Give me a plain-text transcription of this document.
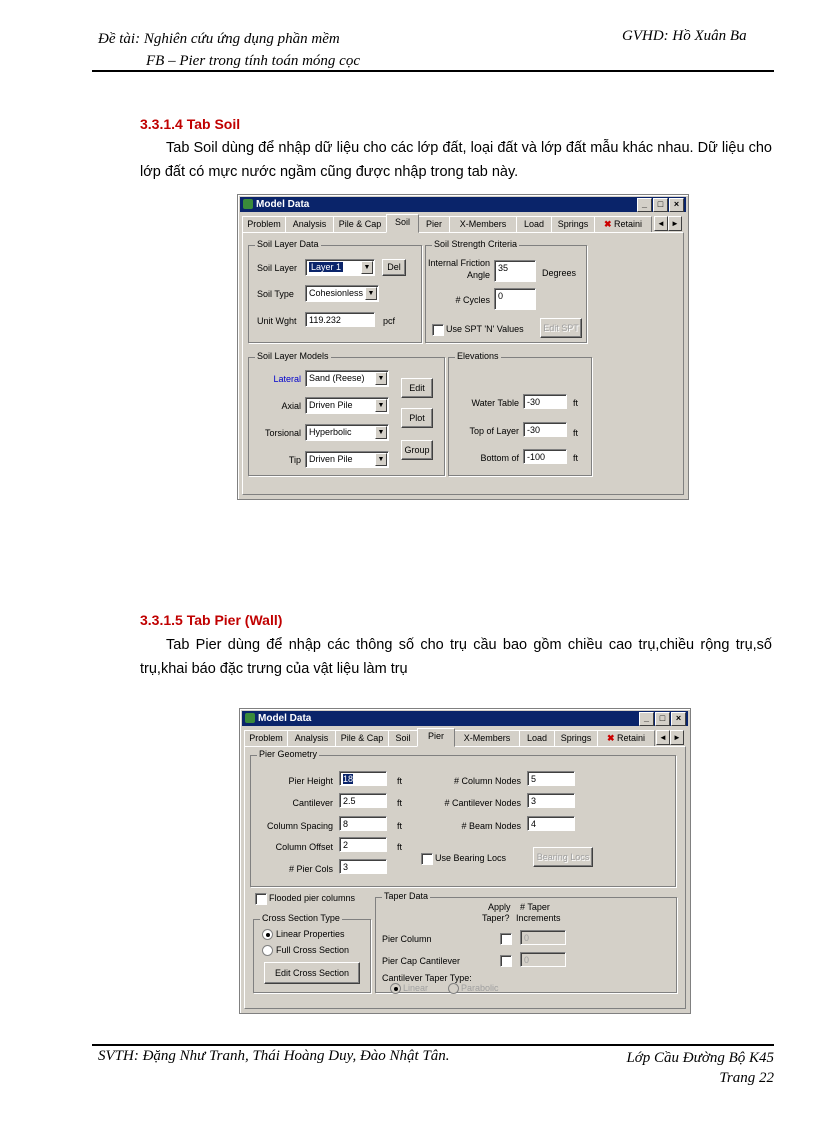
Đề tài: Nghiên cứu ứng dụng phần mềm
FB – Pier trong tính toán móng cọc
GVHD: Hồ Xuân Ba
3.3.1.4 Tab Soil
Tab Soil dùng để nhập dữ liệu cho các lớp đất, loại đất và lớp đất mẫu khác nhau. Dữ liệu cho lớp đất có mực nước ngầm cũng được nhập trong tab này.
Model Data	_	□	×
Problem	Analysis	Pile & Cap	Soil	Pier	X-Members	Load	Springs	✖ Retaini	◄ ►
Soil Layer Data
Soil Layer	Layer 1	▼	Del
Soil Type	Cohesionless ▼
Unit Wght	119.232	pcf
Soil Strength Criteria
Internal Friction
Angle
35	Degrees
# Cycles 0
Use SPT 'N' Values	Edit SPT
Soil Layer Models
Lateral Sand (Reese)	▼
Axial Driven Pile	▼
Torsional Hyperbolic	▼
Tip Driven Pile	▼
Edit
Plot
Group
Elevations
Water Table -30	ft
Top of Layer -30	ft
Bottom of -100	ft
3.3.1.5 Tab Pier (Wall)
Tab Pier dùng để nhập các thông số cho trụ cầu bao gồm chiều cao trụ,chiều rộng trụ,số trụ,khai báo đặc trưng của vật liệu làm trụ
Model Data	_	□	×
Problem	Analysis	Pile & Cap	Soil	Pier	X-Members	Load	Springs	✖ Retaini	◄ ►
Pier Geometry
Pier Height	18	ft
Cantilever	2.5	ft
Column Spacing	8	ft
Column Offset	2	ft
# Pier Cols	3
# Column Nodes	5
# Cantilever Nodes	3
# Beam Nodes	4
Use Bearing Locs	Bearing Locs
Flooded pier columns
Cross Section Type
Linear Properties
Full Cross Section
Edit Cross Section
Taper Data
Apply
Taper?
# Taper
Increments
Pier Column	0
Pier Cap Cantilever	0
Cantilever Taper Type:
Linear	Parabolic
SVTH: Đặng Như Tranh, Thái Hoàng Duy, Đào Nhật Tân.	Lớp Cầu Đường Bộ K45
Trang 22
